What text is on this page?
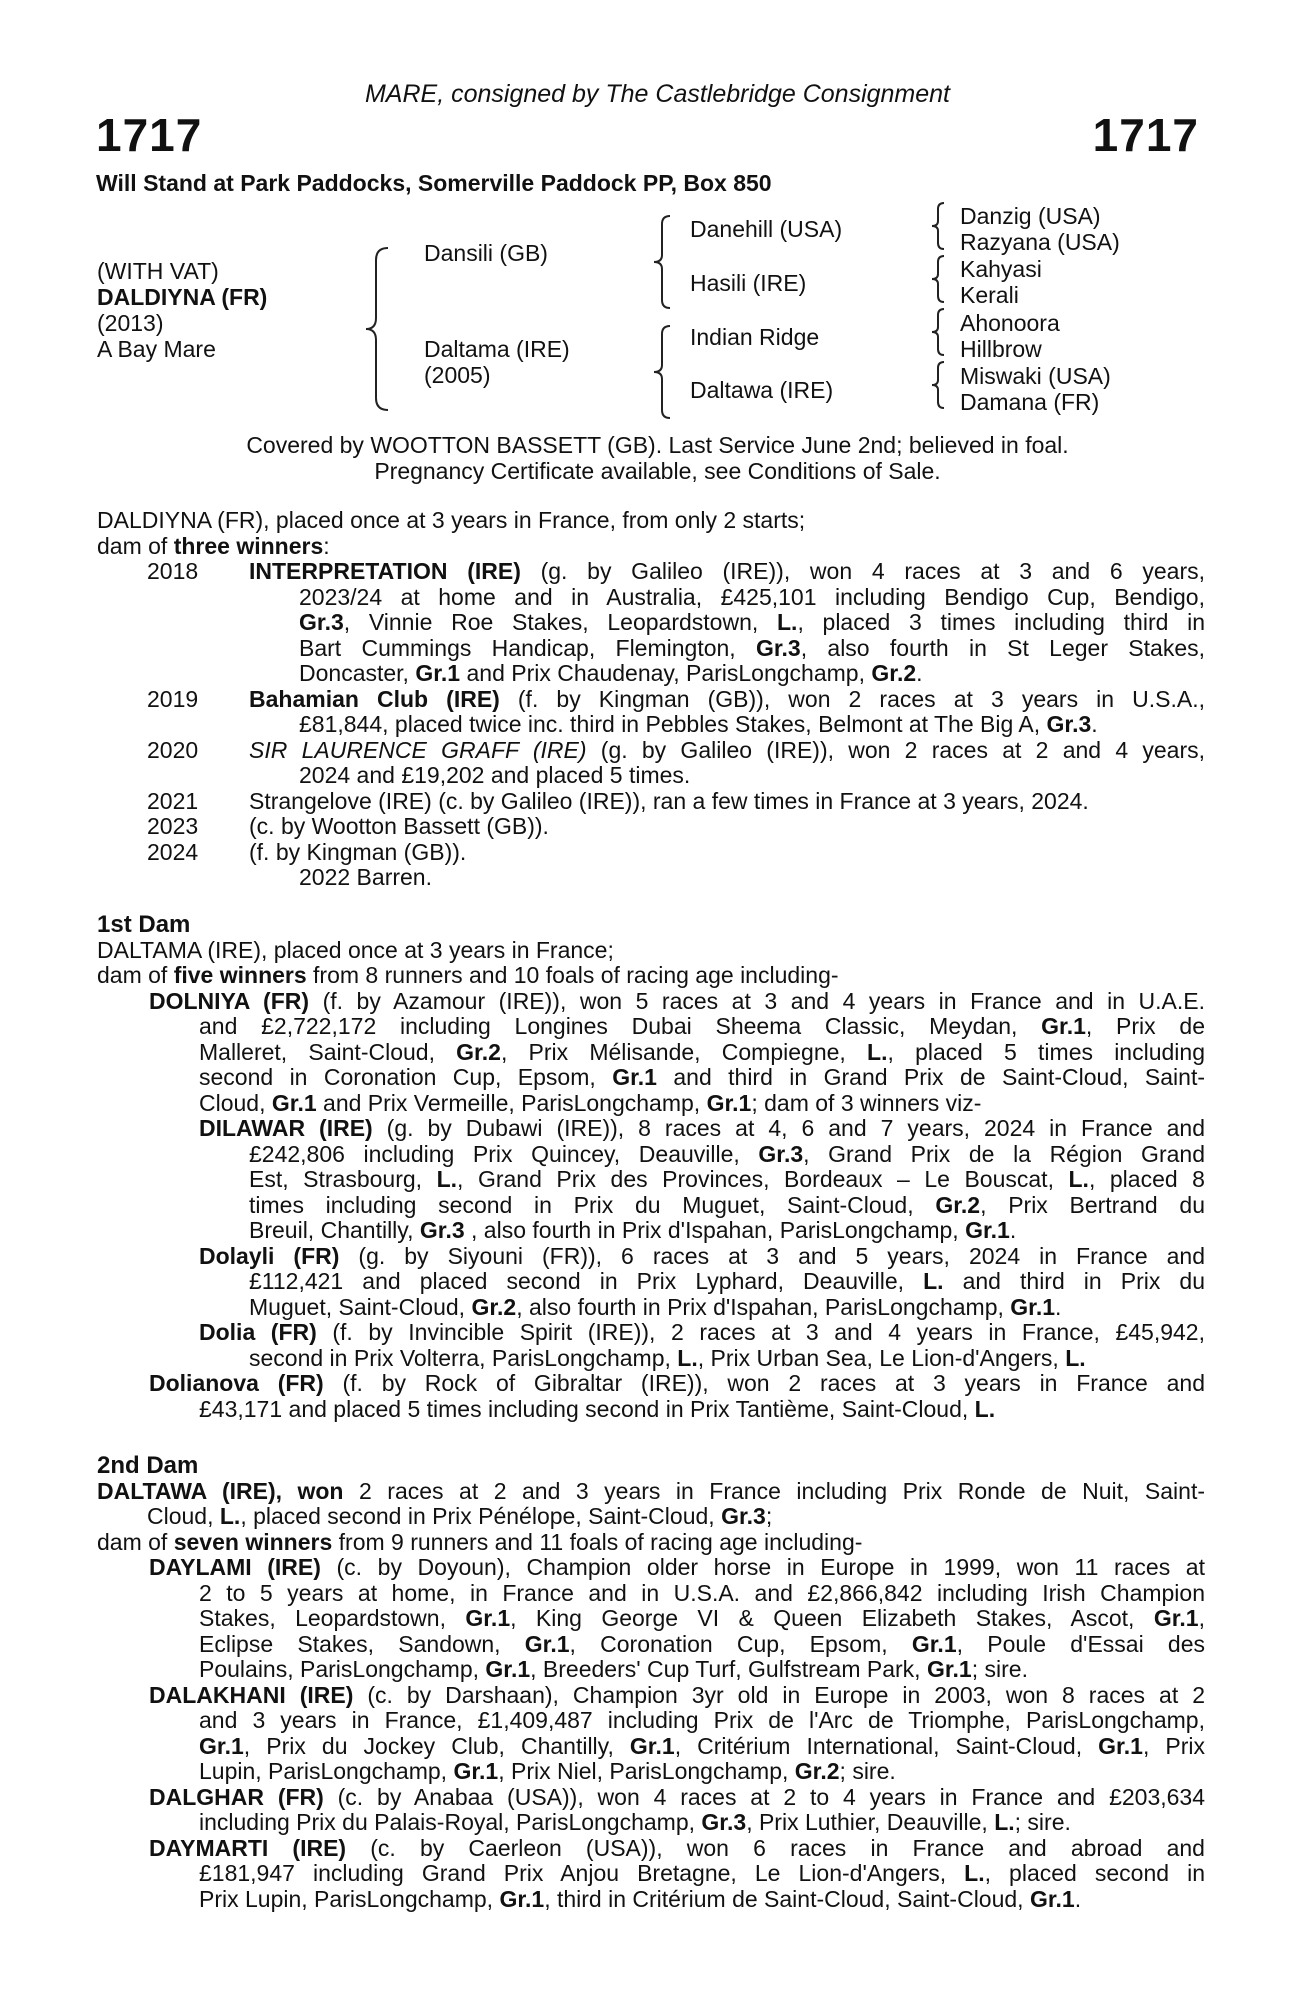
MARE, consigned by The Castlebridge Consignment
1717	1717
Will Stand at Park Paddocks, Somerville Paddock PP, Box 850
(WITH VAT)
DALDIYNA (FR)
(2013)
A Bay Mare
Dansili (GB)
Daltama (IRE)
(2005)
Danehill (USA)
Hasili (IRE)
Indian Ridge
Daltawa (IRE)
Danzig (USA)
Razyana (USA)
Kahyasi
Kerali
Ahonoora
Hillbrow
Miswaki (USA)
Damana (FR)
Covered by WOOTTON BASSETT (GB). Last Service June 2nd; believed in foal.
Pregnancy Certificate available, see Conditions of Sale.
DALDIYNA (FR), placed once at 3 years in France, from only 2 starts;
dam of three winners:
2018 INTERPRETATION (IRE) (g. by Galileo (IRE)), won 4 races at 3 and 6 years,
2023/24 at home and in Australia, £425,101 including Bendigo Cup, Bendigo,
Gr.3, Vinnie Roe Stakes, Leopardstown, L., placed 3 times including third in
Bart Cummings Handicap, Flemington, Gr.3, also fourth in St Leger Stakes,
Doncaster, Gr.1 and Prix Chaudenay, ParisLongchamp, Gr.2.
2019 Bahamian Club (IRE) (f. by Kingman (GB)), won 2 races at 3 years in U.S.A.,
£81,844, placed twice inc. third in Pebbles Stakes, Belmont at The Big A, Gr.3.
2020 SIR LAURENCE GRAFF (IRE) (g. by Galileo (IRE)), won 2 races at 2 and 4 years,
2024 and £19,202 and placed 5 times.
2021 Strangelove (IRE) (c. by Galileo (IRE)), ran a few times in France at 3 years, 2024.
2023 (c. by Wootton Bassett (GB)).
2024 (f. by Kingman (GB)).
2022 Barren.
1st Dam
DALTAMA (IRE), placed once at 3 years in France;
dam of five winners from 8 runners and 10 foals of racing age including-
DOLNIYA (FR) (f. by Azamour (IRE)), won 5 races at 3 and 4 years in France and in U.A.E.
and £2,722,172 including Longines Dubai Sheema Classic, Meydan, Gr.1, Prix de
Malleret, Saint-Cloud, Gr.2, Prix Mélisande, Compiegne, L., placed 5 times including
second in Coronation Cup, Epsom, Gr.1 and third in Grand Prix de Saint-Cloud, Saint-
Cloud, Gr.1 and Prix Vermeille, ParisLongchamp, Gr.1; dam of 3 winners viz-
DILAWAR (IRE) (g. by Dubawi (IRE)), 8 races at 4, 6 and 7 years, 2024 in France and
£242,806 including Prix Quincey, Deauville, Gr.3, Grand Prix de la Région Grand
Est, Strasbourg, L., Grand Prix des Provinces, Bordeaux – Le Bouscat, L., placed 8
times including second in Prix du Muguet, Saint-Cloud, Gr.2, Prix Bertrand du
Breuil, Chantilly, Gr.3 , also fourth in Prix d'Ispahan, ParisLongchamp, Gr.1.
Dolayli (FR) (g. by Siyouni (FR)), 6 races at 3 and 5 years, 2024 in France and
£112,421 and placed second in Prix Lyphard, Deauville, L. and third in Prix du
Muguet, Saint-Cloud, Gr.2, also fourth in Prix d'Ispahan, ParisLongchamp, Gr.1.
Dolia (FR) (f. by Invincible Spirit (IRE)), 2 races at 3 and 4 years in France, £45,942,
second in Prix Volterra, ParisLongchamp, L., Prix Urban Sea, Le Lion-d'Angers, L.
Dolianova (FR) (f. by Rock of Gibraltar (IRE)), won 2 races at 3 years in France and
£43,171 and placed 5 times including second in Prix Tantième, Saint-Cloud, L.
2nd Dam
DALTAWA (IRE), won 2 races at 2 and 3 years in France including Prix Ronde de Nuit, Saint-
Cloud, L., placed second in Prix Pénélope, Saint-Cloud, Gr.3;
dam of seven winners from 9 runners and 11 foals of racing age including-
DAYLAMI (IRE) (c. by Doyoun), Champion older horse in Europe in 1999, won 11 races at
2 to 5 years at home, in France and in U.S.A. and £2,866,842 including Irish Champion
Stakes, Leopardstown, Gr.1, King George VI & Queen Elizabeth Stakes, Ascot, Gr.1,
Eclipse Stakes, Sandown, Gr.1, Coronation Cup, Epsom, Gr.1, Poule d'Essai des
Poulains, ParisLongchamp, Gr.1, Breeders' Cup Turf, Gulfstream Park, Gr.1; sire.
DALAKHANI (IRE) (c. by Darshaan), Champion 3yr old in Europe in 2003, won 8 races at 2
and 3 years in France, £1,409,487 including Prix de l'Arc de Triomphe, ParisLongchamp,
Gr.1, Prix du Jockey Club, Chantilly, Gr.1, Critérium International, Saint-Cloud, Gr.1, Prix
Lupin, ParisLongchamp, Gr.1, Prix Niel, ParisLongchamp, Gr.2; sire.
DALGHAR (FR) (c. by Anabaa (USA)), won 4 races at 2 to 4 years in France and £203,634
including Prix du Palais-Royal, ParisLongchamp, Gr.3, Prix Luthier, Deauville, L.; sire.
DAYMARTI (IRE) (c. by Caerleon (USA)), won 6 races in France and abroad and
£181,947 including Grand Prix Anjou Bretagne, Le Lion-d'Angers, L., placed second in
Prix Lupin, ParisLongchamp, Gr.1, third in Critérium de Saint-Cloud, Saint-Cloud, Gr.1.
